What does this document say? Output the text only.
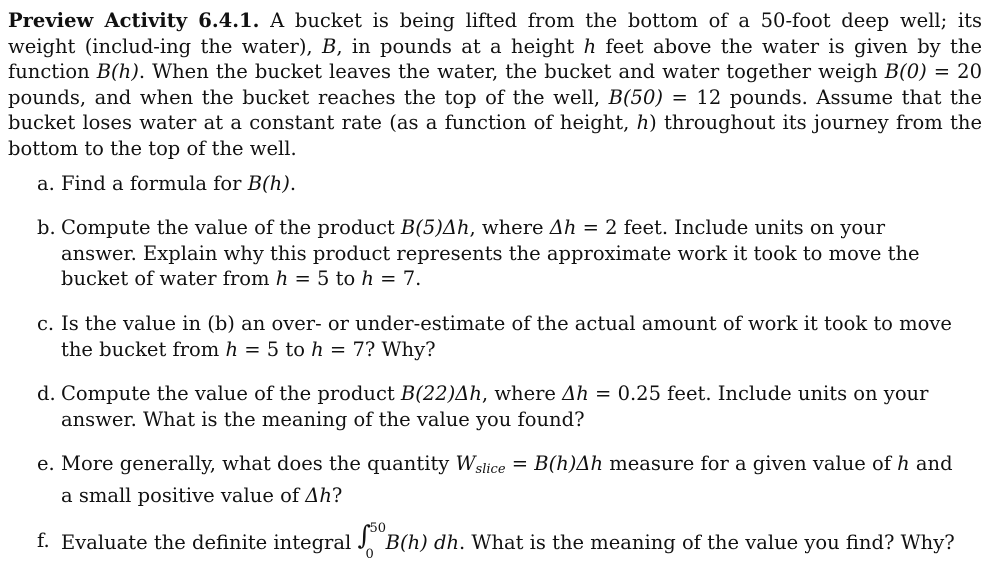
Preview Activity 6.4.1. A bucket is being lifted from the bottom of a 50-foot deep well; its weight (includ-ing the water), B, in pounds at a height h feet above the water is given by the function B(h). When the bucket leaves the water, the bucket and water together weigh B(0) = 20 pounds, and when the bucket reaches the top of the well, B(50) = 12 pounds. Assume that the bucket loses water at a constant rate (as a function of height, h) throughout its journey from the bottom to the top of the well.

a. Find a formula for B(h).
b. Compute the value of the product B(5)Δh, where Δh = 2 feet. Include units on your answer. Explain why this product represents the approximate work it took to move the bucket of water from h = 5 to h = 7.
c. Is the value in (b) an over- or under-estimate of the actual amount of work it took to move the bucket from h = 5 to h = 7? Why?
d. Compute the value of the product B(22)Δh, where Δh = 0.25 feet. Include units on your answer. What is the meaning of the value you found?
e. More generally, what does the quantity $W_{slice} = B(h)\Delta h$ measure for a given value of h and a small positive value of Δh?
f. Evaluate the definite integral ∫
50
0
B(h) dh. What is the meaning of the value you find? Why?
